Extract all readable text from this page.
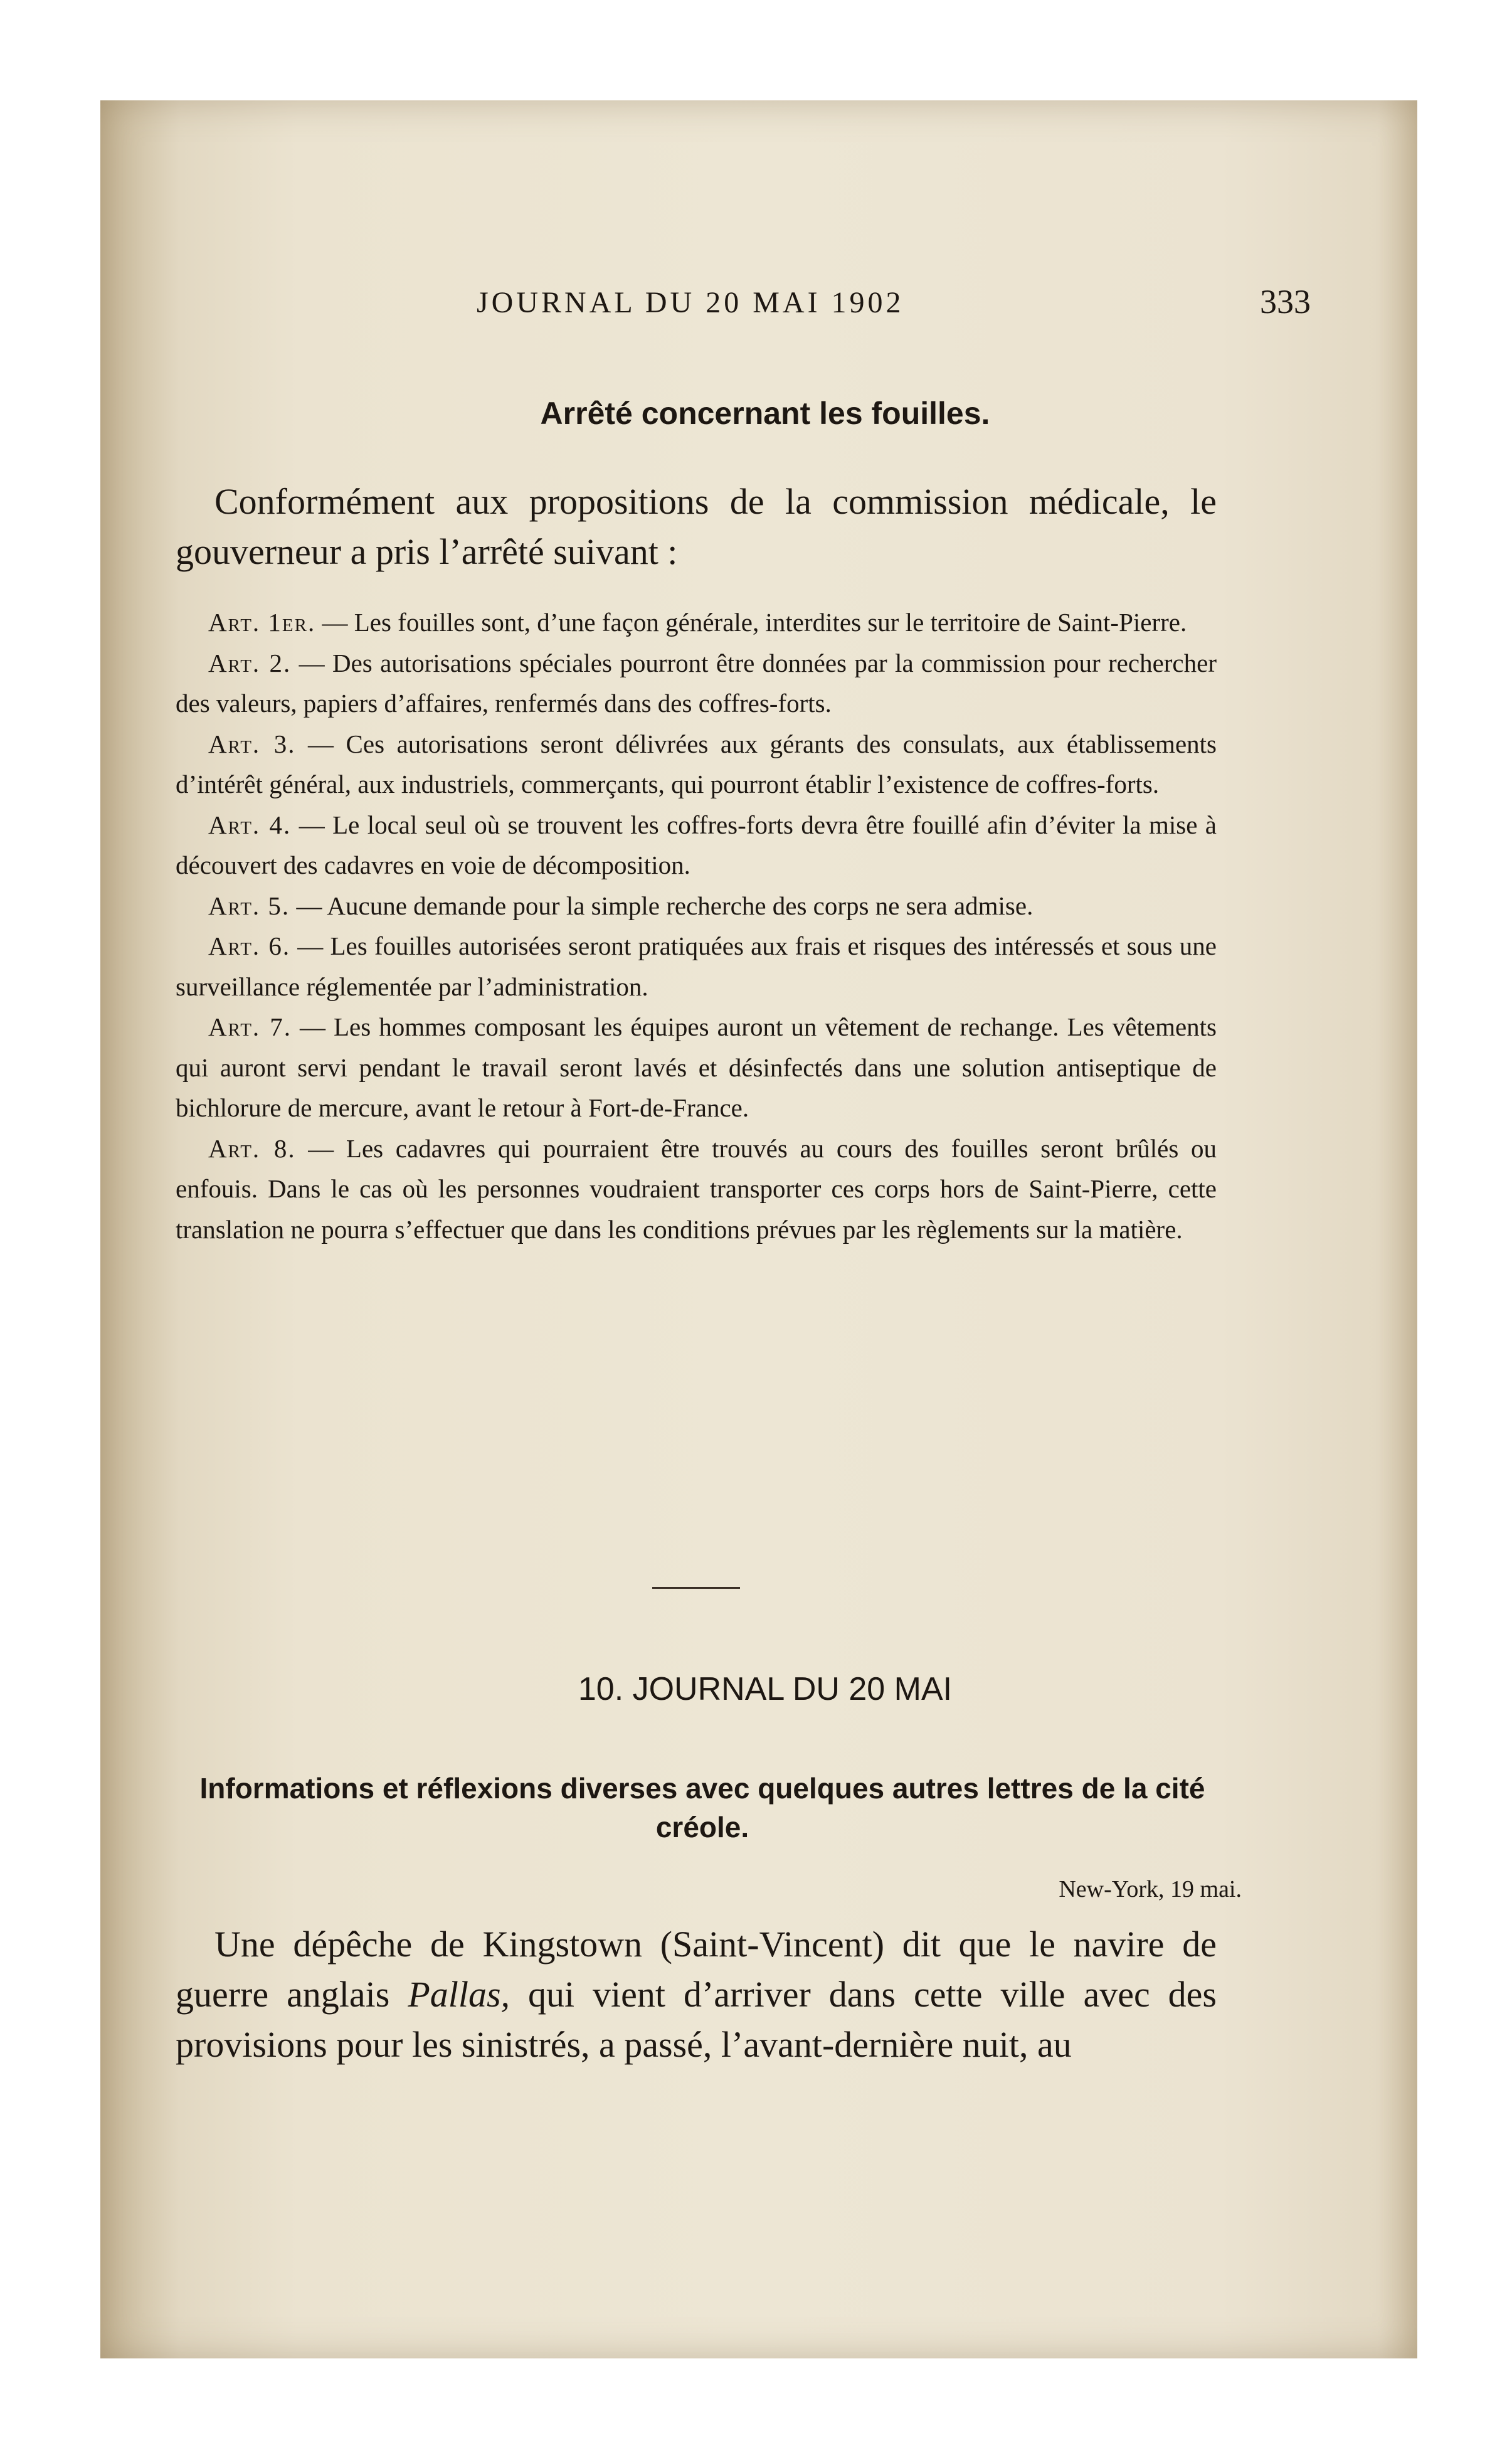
JOURNAL DU 20 MAI 1902	333
Arrêté concernant les fouilles.

Conformément aux propositions de la commission médicale, le gouverneur a pris l’arrêté suivant :

Art. 1er. — Les fouilles sont, d’une façon générale, interdites sur le territoire de Saint-Pierre.

Art. 2. — Des autorisations spéciales pourront être données par la commission pour rechercher des valeurs, papiers d’affaires, renfermés dans des coffres-forts.

Art. 3. — Ces autorisations seront délivrées aux gérants des consulats, aux établissements d’intérêt général, aux industriels, commerçants, qui pourront établir l’existence de coffres-forts.

Art. 4. — Le local seul où se trouvent les coffres-forts devra être fouillé afin d’éviter la mise à découvert des cadavres en voie de décomposition.

Art. 5. — Aucune demande pour la simple recherche des corps ne sera admise.

Art. 6. — Les fouilles autorisées seront pratiquées aux frais et risques des intéressés et sous une surveillance réglementée par l’administration.

Art. 7. — Les hommes composant les équipes auront un vêtement de rechange. Les vêtements qui auront servi pendant le travail seront lavés et désinfectés dans une solution antiseptique de bichlorure de mercure, avant le retour à Fort-de-France.

Art. 8. — Les cadavres qui pourraient être trouvés au cours des fouilles seront brûlés ou enfouis. Dans le cas où les personnes voudraient transporter ces corps hors de Saint-Pierre, cette translation ne pourra s’effectuer que dans les conditions prévues par les règlements sur la matière.

10. JOURNAL DU 20 MAI
Informations et réflexions diverses avec quelques autres lettres de la cité créole.
New-York, 19 mai.

Une dépêche de Kingstown (Saint-Vincent) dit que le navire de guerre anglais Pallas, qui vient d’arriver dans cette ville avec des provisions pour les sinistrés, a passé, l’avant-dernière nuit, au
